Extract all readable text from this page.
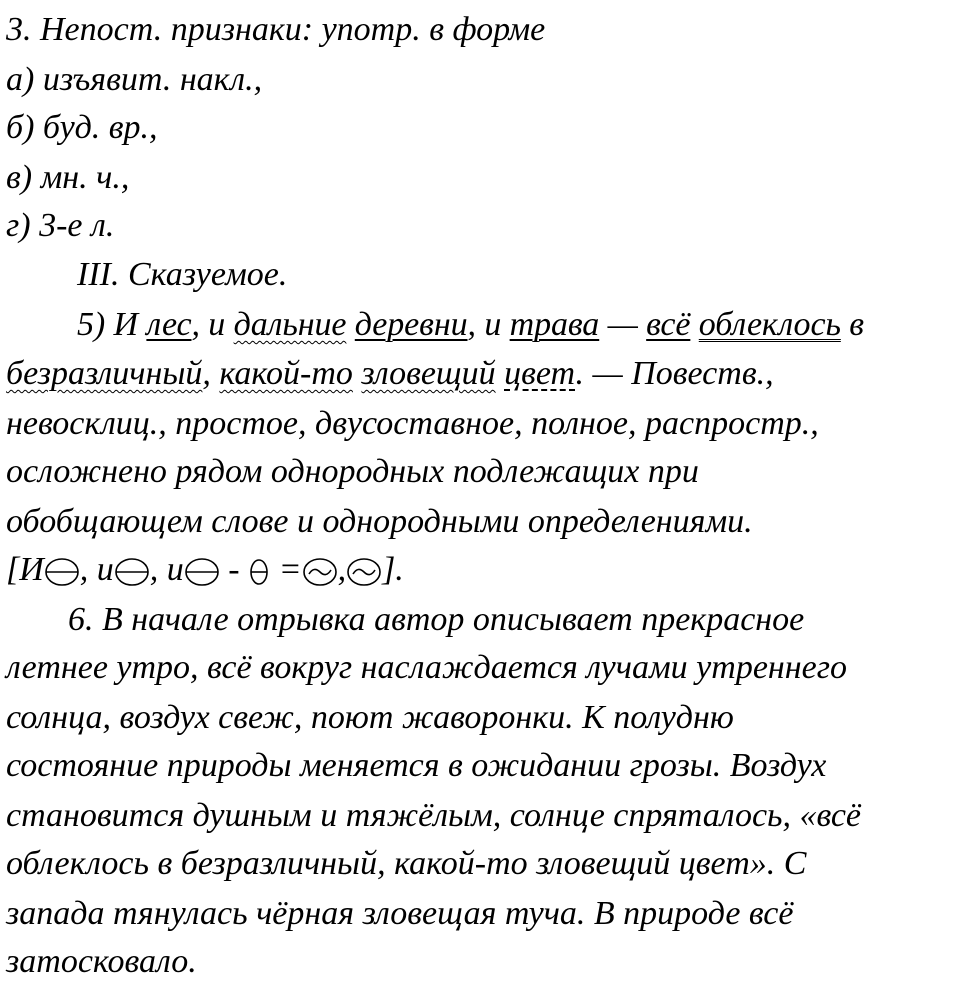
3. Непост. признаки: употр. в форме
а) изъявит. накл.,
б) буд. вр.,
в) мн. ч.,
г) 3-е л.
III. Сказуемое.
5) И лес, и дальние деревни, и трава — всё облеклось в
безразличный, какой-то зловещий цвет. — Повеств.,
невосклиц., простое, двусоставное, полное, распростр.,
осложнено рядом однородных подлежащих при
обобщающем слове и однородными определениями.
[И , и , и -  = , ].
6. В начале отрывка автор описывает прекрасное
летнее утро, всё вокруг наслаждается лучами утреннего
солнца, воздух свеж, поют жаворонки. К полудню
состояние природы меняется в ожидании грозы. Воздух
становится душным и тяжёлым, солнце спряталось, «всё
облеклось в безразличный, какой-то зловещий цвет». С
запада тянулась чёрная зловещая туча. В природе всё
затосковало.
